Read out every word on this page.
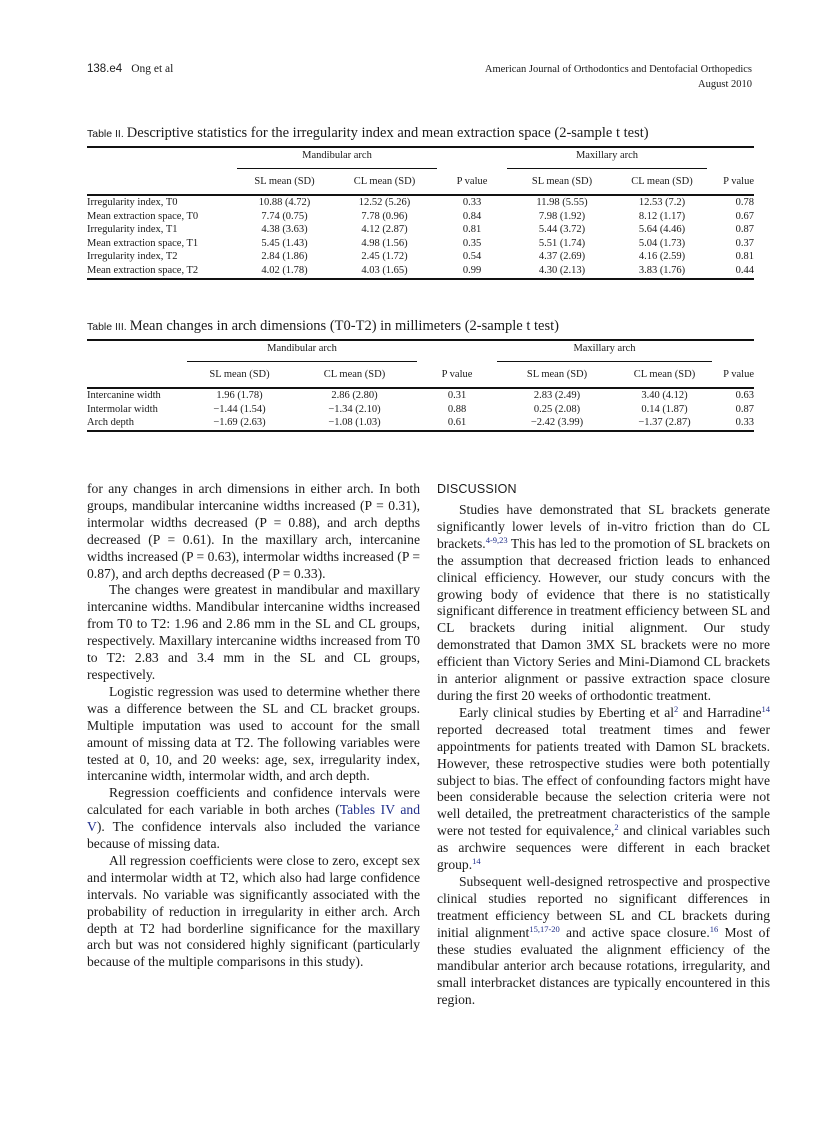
138.e4 Ong et al	American Journal of Orthodontics and Dentofacial Orthopedics
August 2010
Table II. Descriptive statistics for the irregularity index and mean extraction space (2-sample t test)

	Mandibular arch			Maxillary arch		
	SL mean (SD)	CL mean (SD)	P value	SL mean (SD)	CL mean (SD)	P value

Irregularity index, T0	10.88 (4.72)	12.52 (5.26)	0.33	11.98 (5.55)	12.53 (7.2)	0.78
Mean extraction space, T0	7.74 (0.75)	7.78 (0.96)	0.84	7.98 (1.92)	8.12 (1.17)	0.67
Irregularity index, T1	4.38 (3.63)	4.12 (2.87)	0.81	5.44 (3.72)	5.64 (4.46)	0.87
Mean extraction space, T1	5.45 (1.43)	4.98 (1.56)	0.35	5.51 (1.74)	5.04 (1.73)	0.37
Irregularity index, T2	2.84 (1.86)	2.45 (1.72)	0.54	4.37 (2.69)	4.16 (2.59)	0.81
Mean extraction space, T2	4.02 (1.78)	4.03 (1.65)	0.99	4.30 (2.13)	3.83 (1.76)	0.44

Table III. Mean changes in arch dimensions (T0-T2) in millimeters (2-sample t test)

	Mandibular arch			Maxillary arch		
	SL mean (SD)	CL mean (SD)	P value	SL mean (SD)	CL mean (SD)	P value

Intercanine width	1.96 (1.78)	2.86 (2.80)	0.31	2.83 (2.49)	3.40 (4.12)	0.63
Intermolar width	−1.44 (1.54)	−1.34 (2.10)	0.88	0.25 (2.08)	0.14 (1.87)	0.87
Arch depth	−1.69 (2.63)	−1.08 (1.03)	0.61	−2.42 (3.99)	−1.37 (2.87)	0.33

for any changes in arch dimensions in either arch. In both groups, mandibular intercanine widths increased (P = 0.31), intermolar widths decreased (P = 0.88), and arch depths decreased (P = 0.61). In the maxillary arch, intercanine widths increased (P = 0.63), intermolar widths increased (P = 0.87), and arch depths decreased (P = 0.33).

The changes were greatest in mandibular and maxillary intercanine widths. Mandibular intercanine widths increased from T0 to T2: 1.96 and 2.86 mm in the SL and CL groups, respectively. Maxillary intercanine widths increased from T0 to T2: 2.83 and 3.4 mm in the SL and CL groups, respectively.

Logistic regression was used to determine whether there was a difference between the SL and CL bracket groups. Multiple imputation was used to account for the small amount of missing data at T2. The following variables were tested at 0, 10, and 20 weeks: age, sex, irregularity index, intercanine width, intermolar width, and arch depth.

Regression coefficients and confidence intervals were calculated for each variable in both arches (Tables IV and V). The confidence intervals also included the variance because of missing data.

All regression coefficients were close to zero, except sex and intermolar width at T2, which also had large confidence intervals. No variable was significantly associated with the probability of reduction in irregularity in either arch. Arch depth at T2 had borderline significance for the maxillary arch but was not considered highly significant (particularly because of the multiple comparisons in this study).

DISCUSSION

Studies have demonstrated that SL brackets generate significantly lower levels of in-vitro friction than do CL brackets.$^{4-9,23}$ This has led to the promotion of SL brackets on the assumption that decreased friction leads to enhanced clinical efficiency. However, our study concurs with the growing body of evidence that there is no statistically significant difference in treatment efficiency between SL and CL brackets during initial alignment. Our study demonstrated that Damon 3MX SL brackets were no more efficient than Victory Series and Mini-Diamond CL brackets in anterior alignment or passive extraction space closure during the first 20 weeks of orthodontic treatment.

Early clinical studies by Eberting et al$^2$ and Harradine$^{14}$ reported decreased total treatment times and fewer appointments for patients treated with Damon SL brackets. However, these retrospective studies were both potentially subject to bias. The effect of confounding factors might have been considerable because the selection criteria were not well detailed, the pretreatment characteristics of the sample were not tested for equivalence,$^2$ and clinical variables such as archwire sequences were different in each bracket group.$^{14}$

Subsequent well-designed retrospective and prospective clinical studies reported no significant differences in treatment efficiency between SL and CL brackets during initial alignment$^{15,17-20}$ and active space closure.$^{16}$ Most of these studies evaluated the alignment efficiency of the mandibular anterior arch because rotations, irregularity, and small interbracket distances are typically encountered in this region.
